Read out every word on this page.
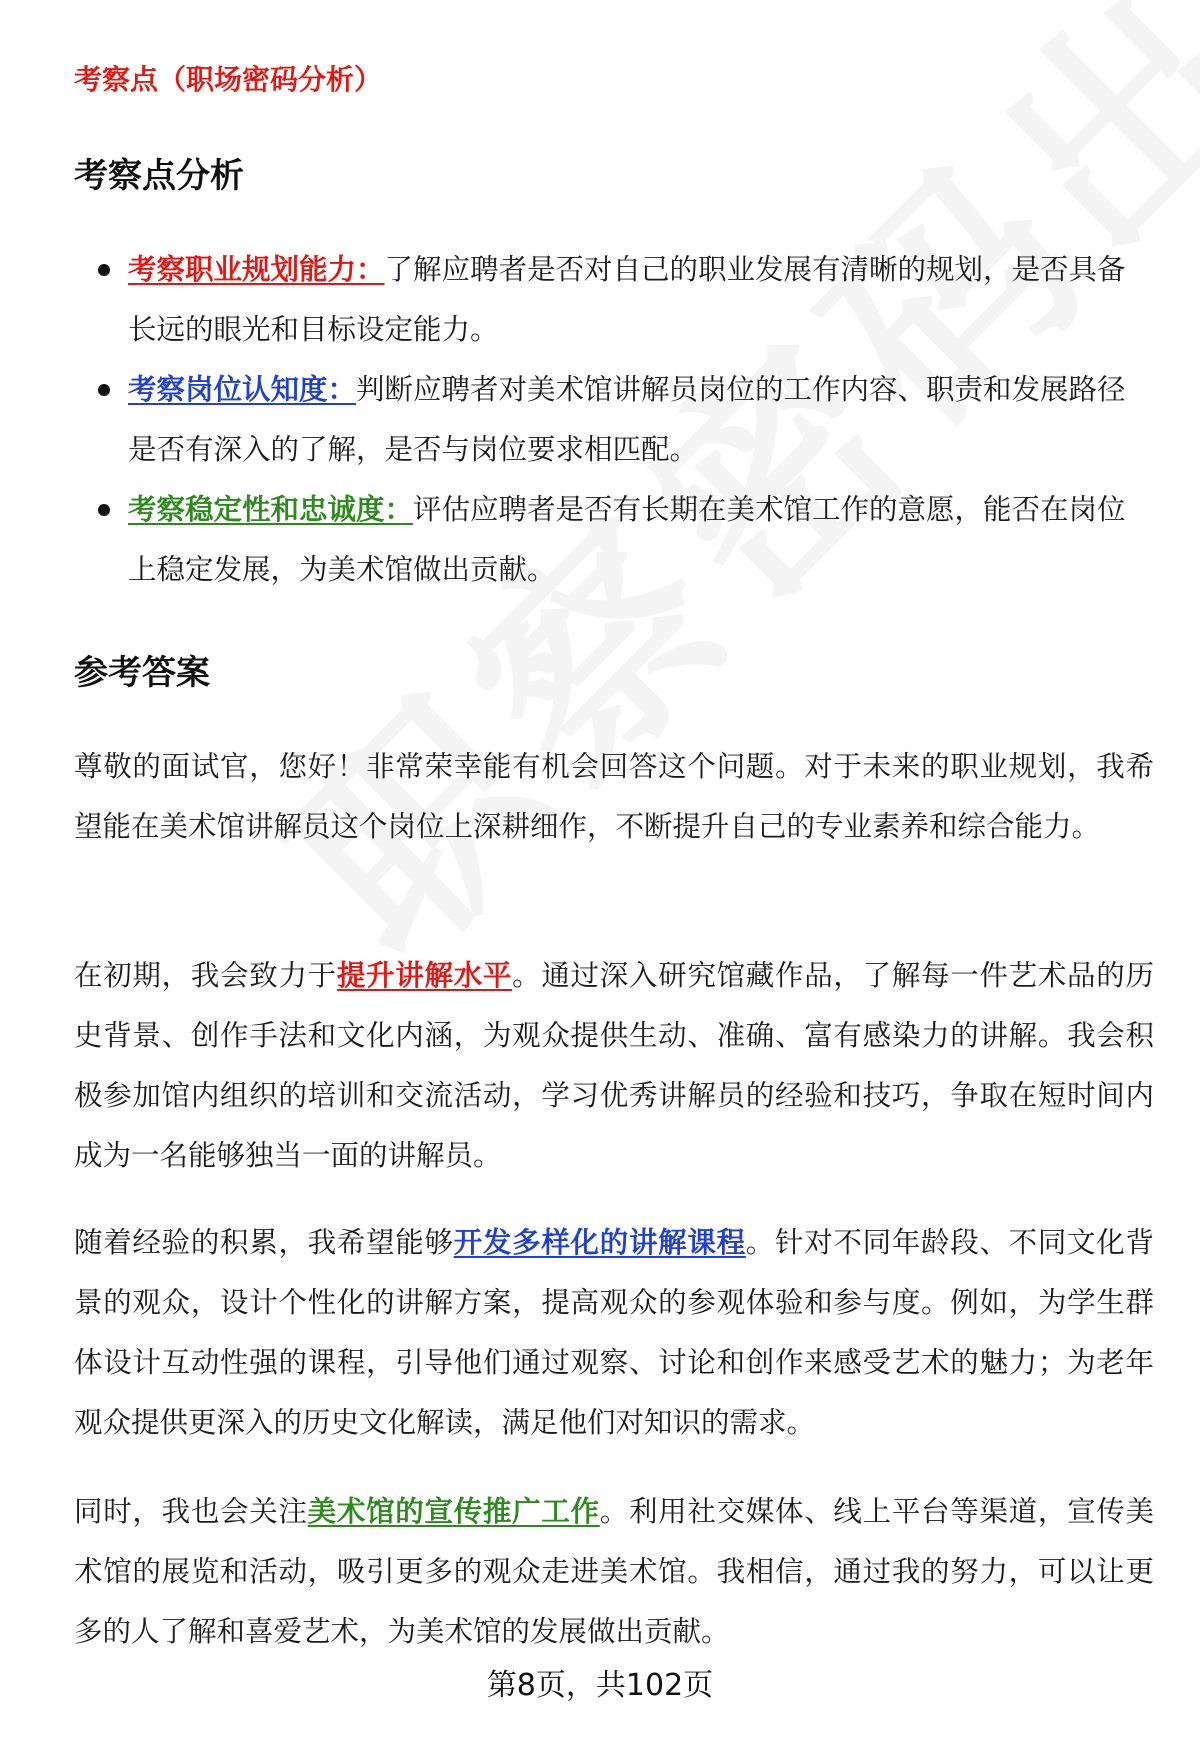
考察点（职场密码分析）
考察点分析
考察职业规划能力：了解应聘者是否对自己的职业发展有清晰的规划，是否具备长远的眼光和目标设定能力。
考察岗位认知度：判断应聘者对美术馆讲解员岗位的工作内容、职责和发展路径是否有深入的了解，是否与岗位要求相匹配。
考察稳定性和忠诚度：评估应聘者是否有长期在美术馆工作的意愿，能否在岗位上稳定发展，为美术馆做出贡献。
参考答案

尊敬的面试官，您好！非常荣幸能有机会回答这个问题。对于未来的职业规划，我希望能在美术馆讲解员这个岗位上深耕细作，不断提升自己的专业素养和综合能力。

在初期，我会致力于提升讲解水平。通过深入研究馆藏作品，了解每一件艺术品的历史背景、创作手法和文化内涵，为观众提供生动、准确、富有感染力的讲解。我会积极参加馆内组织的培训和交流活动，学习优秀讲解员的经验和技巧，争取在短时间内成为一名能够独当一面的讲解员。

随着经验的积累，我希望能够开发多样化的讲解课程。针对不同年龄段、不同文化背景的观众，设计个性化的讲解方案，提高观众的参观体验和参与度。例如，为学生群体设计互动性强的课程，引导他们通过观察、讨论和创作来感受艺术的魅力；为老年观众提供更深入的历史文化解读，满足他们对知识的需求。

同时，我也会关注美术馆的宣传推广工作。利用社交媒体、线上平台等渠道，宣传美术馆的展览和活动，吸引更多的观众走进美术馆。我相信，通过我的努力，可以让更多的人了解和喜爱艺术，为美术馆的发展做出贡献。

第8页，共102页
